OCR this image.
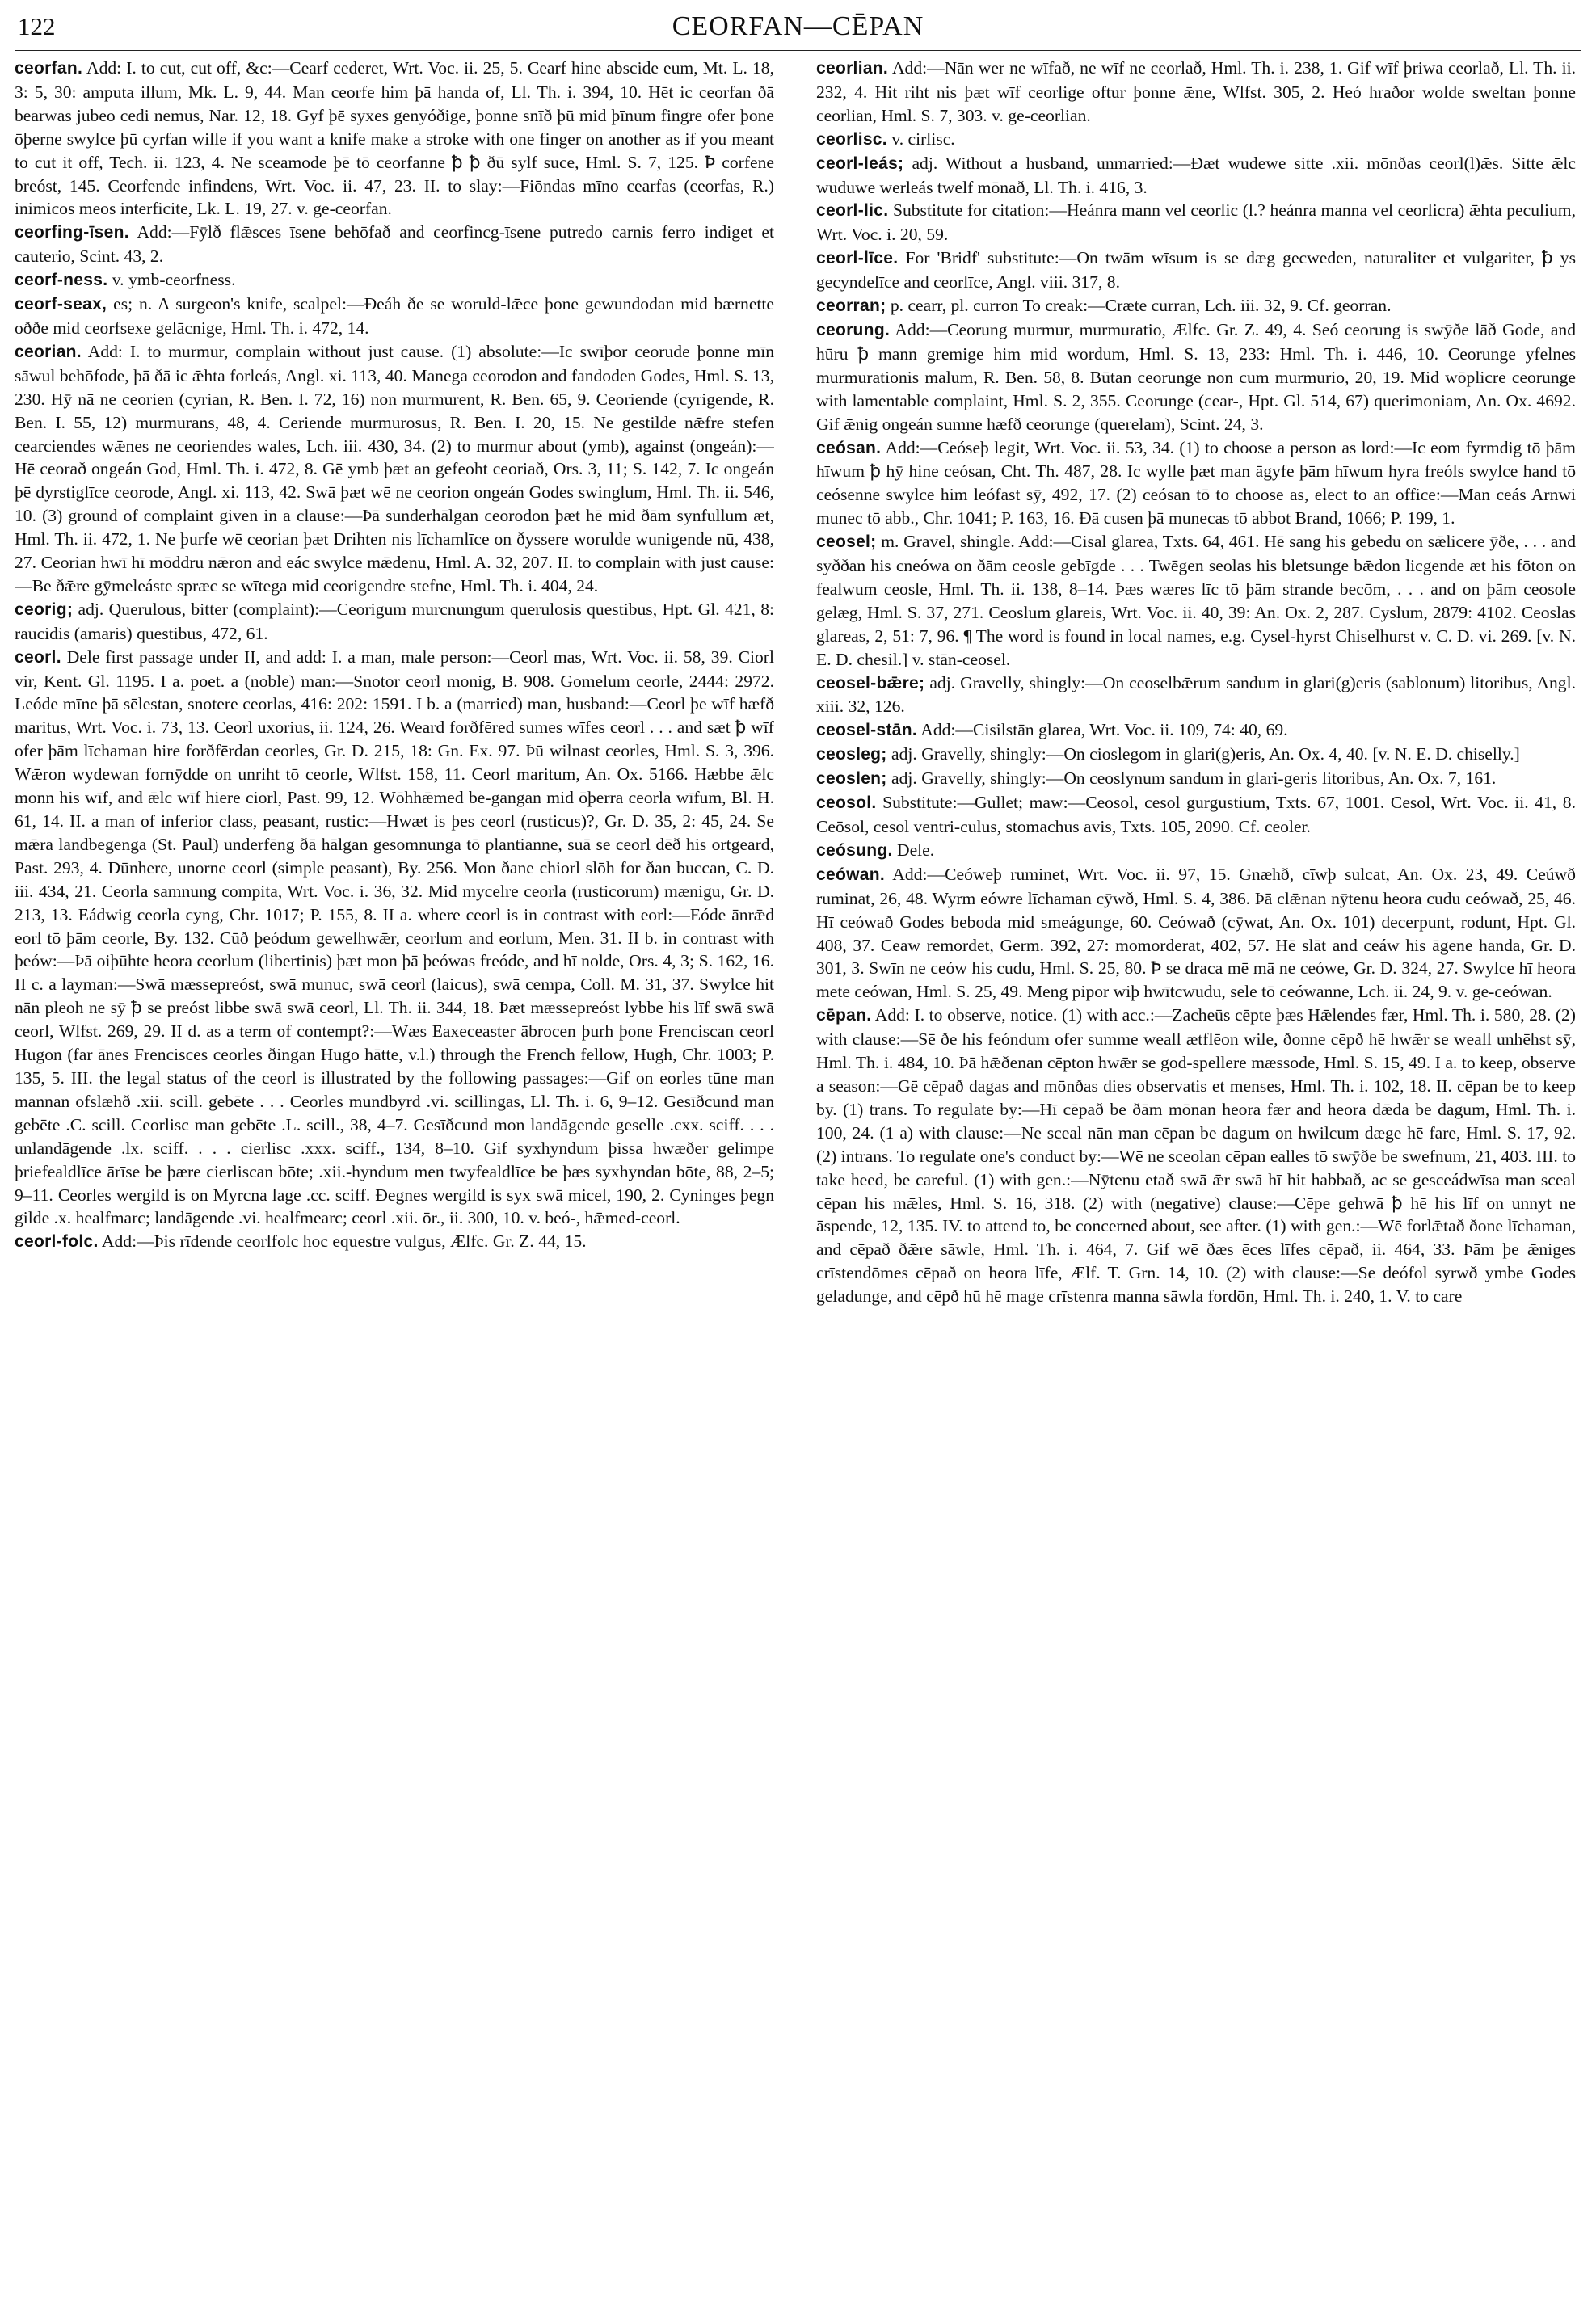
122	CEORFAN—CĒPAN

ceorfan. Add: I. to cut, cut off, &c:—Cearf cederet, Wrt. Voc. ii. 25, 5. Cearf hine abscide eum, Mt. L. 18, 3: 5, 30: amputa illum, Mk. L. 9, 44. Man ceorfe him þā handa of, Ll. Th. i. 394, 10. Hēt ic ceorfan ðā bearwas jubeo cedi nemus, Nar. 12, 18. Gyf þē syxes genyóðige, þonne snīð þū mid þīnum fingre ofer þone ōþerne swylce þū cyrfan wille if you want a knife make a stroke with one finger on another as if you meant to cut it off, Tech. ii. 123, 4. Ne sceamode þē tō ceorfanne ꝥ ꝥ ðū sylf suce, Hml. S. 7, 125. Ꝥ corfene breóst, 145. Ceorfende infindens, Wrt. Voc. ii. 47, 23. II. to slay:—Fiōndas mīno cearfas (ceorfas, R.) inimicos meos interficite, Lk. L. 19, 27. v. ge-ceorfan.

ceorfing-īsen. Add:—Fȳlð flǣsces īsene behōfað and ceorfincg-īsene putredo carnis ferro indiget et cauterio, Scint. 43, 2.

ceorf-ness. v. ymb-ceorfness.

ceorf-seax, es; n. A surgeon's knife, scalpel:—Ðeáh ðe se woruld-lǣce þone gewundodan mid bærnette oððe mid ceorfsexe gelācnige, Hml. Th. i. 472, 14.

ceorian. Add: I. to murmur, complain without just cause. (1) absolute:—Ic swīþor ceorude þonne mīn sāwul behōfode, þā ðā ic ǣhta forleás, Angl. xi. 113, 40. Manega ceorodon and fandoden Godes, Hml. S. 13, 230. Hȳ nā ne ceorien (cyrian, R. Ben. I. 72, 16) non murmurent, R. Ben. 65, 9. Ceoriende (cyrigende, R. Ben. I. 55, 12) murmurans, 48, 4. Ceriende murmurosus, R. Ben. I. 20, 15. Ne gestilde nǣfre stefen cearciendes wǣnes ne ceoriendes wales, Lch. iii. 430, 34. (2) to murmur about (ymb), against (ongeán):—Hē ceorað ongeán God, Hml. Th. i. 472, 8. Gē ymb þæt an gefeoht ceoriað, Ors. 3, 11; S. 142, 7. Ic ongeán þē dyrstiglīce ceorode, Angl. xi. 113, 42. Swā þæt wē ne ceorion ongeán Godes swinglum, Hml. Th. ii. 546, 10. (3) ground of complaint given in a clause:—Þā sunderhālgan ceorodon þæt hē mid ðām synfullum æt, Hml. Th. ii. 472, 1. Ne þurfe wē ceorian þæt Drihten nis līchamlīce on ðyssere worulde wunigende nū, 438, 27. Ceorian hwī hī mōddru nǣron and eác swylce mǣdenu, Hml. A. 32, 207. II. to complain with just cause:—Be ðǣre gȳmeleáste spræc se wītega mid ceorigendre stefne, Hml. Th. i. 404, 24.

ceorig; adj. Querulous, bitter (complaint):—Ceorigum murcnungum querulosis questibus, Hpt. Gl. 421, 8: raucidis (amaris) questibus, 472, 61.

ceorl. Dele first passage under II, and add: I. a man, male person:—Ceorl mas, Wrt. Voc. ii. 58, 39. Ciorl vir, Kent. Gl. 1195. I a. poet. a (noble) man:—Snotor ceorl monig, B. 908. Gomelum ceorle, 2444: 2972. Leóde mīne þā sēlestan, snotere ceorlas, 416: 202: 1591. I b. a (married) man, husband:—Ceorl þe wīf hæfð maritus, Wrt. Voc. i. 73, 13. Ceorl uxorius, ii. 124, 26. Weard forðfēred sumes wīfes ceorl . . . and sæt ꝥ wīf ofer þām līchaman hire forðfērdan ceorles, Gr. D. 215, 18: Gn. Ex. 97. Þū wilnast ceorles, Hml. S. 3, 396. Wǣron wydewan fornȳdde on unriht tō ceorle, Wlfst. 158, 11. Ceorl maritum, An. Ox. 5166. Hæbbe ǣlc monn his wīf, and ǣlc wīf hiere ciorl, Past. 99, 12. Wōhhǣmed be-gangan mid ōþerra ceorla wīfum, Bl. H. 61, 14. II. a man of inferior class, peasant, rustic:—Hwæt is þes ceorl (rusticus)?, Gr. D. 35, 2: 45, 24. Se mǣra landbegenga (St. Paul) underfēng ðā hālgan gesomnunga tō plantianne, suā se ceorl dēð his ortgeard, Past. 293, 4. Dūnhere, unorne ceorl (simple peasant), By. 256. Mon ðane chiorl slōh for ðan buccan, C. D. iii. 434, 21. Ceorla samnung compita, Wrt. Voc. i. 36, 32. Mid mycelre ceorla (rusticorum) mænigu, Gr. D. 213, 13. Eádwig ceorla cyng, Chr. 1017; P. 155, 8. II a. where ceorl is in contrast with eorl:—Eóde ānrǣd eorl tō þām ceorle, By. 132. Cūð þeódum gewelhwǣr, ceorlum and eorlum, Men. 31. II b. in contrast with þeów:—Þā oiþūhte heora ceorlum (libertinis) þæt mon þā þeówas freóde, and hī nolde, Ors. 4, 3; S. 162, 16. II c. a layman:—Swā mæssepreóst, swā munuc, swā ceorl (laicus), swā cempa, Coll. M. 31, 37. Swylce hit nān pleoh ne sȳ ꝥ se preóst libbe swā swā ceorl, Ll. Th. ii. 344, 18. Þæt mæssepreóst lybbe his līf swā swā ceorl, Wlfst. 269, 29. II d. as a term of contempt?:—Wæs Eaxeceaster ābrocen þurh þone Frenciscan ceorl Hugon (far ānes Frencisces ceorles ðingan Hugo hātte, v.l.) through the French fellow, Hugh, Chr. 1003; P. 135, 5. III. the legal status of the ceorl is illustrated by the following passages:—Gif on eorles tūne man mannan ofslæhð .xii. scill. gebēte . . . Ceorles mundbyrd .vi. scillingas, Ll. Th. i. 6, 9–12. Gesīðcund man gebēte .C. scill. Ceorlisc man gebēte .L. scill., 38, 4–7. Gesīðcund mon landāgende geselle .cxx. sciff. . . . unlandāgende .lx. sciff. . . . cierlisc .xxx. sciff., 134, 8–10. Gif syxhyndum þissa hwæðer gelimpe þriefealdlīce ārīse be þære cierliscan bōte; .xii.-hyndum men twyfealdlīce be þæs syxhyndan bōte, 88, 2–5; 9–11. Ceorles wergild is on Myrcna lage .cc. sciff. Ðegnes wergild is syx swā micel, 190, 2. Cyninges þegn gilde .x. healfmarc; landāgende .vi. healfmearc; ceorl .xii. ōr., ii. 300, 10. v. beó-, hǣmed-ceorl.

ceorl-folc. Add:—Þis rīdende ceorlfolc hoc equestre vulgus, Ælfc. Gr. Z. 44, 15.

ceorlian. Add:—Nān wer ne wīfað, ne wīf ne ceorlað, Hml. Th. i. 238, 1. Gif wīf þriwa ceorlað, Ll. Th. ii. 232, 4. Hit riht nis þæt wīf ceorlige oftur þonne ǣne, Wlfst. 305, 2. Heó hraðor wolde sweltan þonne ceorlian, Hml. S. 7, 303. v. ge-ceorlian.

ceorlisc. v. cirlisc.

ceorl-leás; adj. Without a husband, unmarried:—Ðæt wudewe sitte .xii. mōnðas ceorl(l)ǣs. Sitte ǣlc wuduwe werleás twelf mōnað, Ll. Th. i. 416, 3.

ceorl-lic. Substitute for citation:—Heánra mann vel ceorlic (l.? heánra manna vel ceorlicra) ǣhta peculium, Wrt. Voc. i. 20, 59.

ceorl-līce. For 'Bridf' substitute:—On twām wīsum is se dæg gecweden, naturaliter et vulgariter, ꝥ ys gecyndelīce and ceorlīce, Angl. viii. 317, 8.

ceorran; p. cearr, pl. curron To creak:—Cræte curran, Lch. iii. 32, 9. Cf. georran.

ceorung. Add:—Ceorung murmur, murmuratio, Ælfc. Gr. Z. 49, 4. Seó ceorung is swȳðe lāð Gode, and hūru ꝥ mann gremige him mid wordum, Hml. S. 13, 233: Hml. Th. i. 446, 10. Ceorunge yfelnes murmurationis malum, R. Ben. 58, 8. Būtan ceorunge non cum murmurio, 20, 19. Mid wōplicre ceorunge with lamentable complaint, Hml. S. 2, 355. Ceorunge (cear-, Hpt. Gl. 514, 67) querimoniam, An. Ox. 4692. Gif ǣnig ongeán sumne hæfð ceorunge (querelam), Scint. 24, 3.

ceósan. Add:—Ceóseþ legit, Wrt. Voc. ii. 53, 34. (1) to choose a person as lord:—Ic eom fyrmdig tō þām hīwum ꝥ hȳ hine ceósan, Cht. Th. 487, 28. Ic wylle þæt man āgyfe þām hīwum hyra freóls swylce hand tō ceósenne swylce him leófast sȳ, 492, 17. (2) ceósan tō to choose as, elect to an office:—Man ceás Arnwi munec tō abb., Chr. 1041; P. 163, 16. Ðā cusen þā munecas tō abbot Brand, 1066; P. 199, 1.

ceosel; m. Gravel, shingle. Add:—Cisal glarea, Txts. 64, 461. Hē sang his gebedu on sǣlicere ȳðe, . . . and syððan his cneówa on ðām ceosle gebīgde . . . Twēgen seolas his bletsunge bǣdon licgende æt his fōton on fealwum ceosle, Hml. Th. ii. 138, 8–14. Þæs wæres līc tō þām strande becōm, . . . and on þām ceosole gelæg, Hml. S. 37, 271. Ceoslum glareis, Wrt. Voc. ii. 40, 39: An. Ox. 2, 287. Cyslum, 2879: 4102. Ceoslas glareas, 2, 51: 7, 96. ¶ The word is found in local names, e.g. Cysel-hyrst Chiselhurst v. C. D. vi. 269. [v. N. E. D. chesil.] v. stān-ceosel.

ceosel-bǣre; adj. Gravelly, shingly:—On ceoselbǣrum sandum in glari(g)eris (sablonum) litoribus, Angl. xiii. 32, 126.

ceosel-stān. Add:—Cisilstān glarea, Wrt. Voc. ii. 109, 74: 40, 69.

ceosleg; adj. Gravelly, shingly:—On cioslegom in glari(g)eris, An. Ox. 4, 40. [v. N. E. D. chiselly.]

ceoslen; adj. Gravelly, shingly:—On ceoslynum sandum in glari-geris litoribus, An. Ox. 7, 161.

ceosol. Substitute:—Gullet; maw:—Ceosol, cesol gurgustium, Txts. 67, 1001. Cesol, Wrt. Voc. ii. 41, 8. Ceōsol, cesol ventri-culus, stomachus avis, Txts. 105, 2090. Cf. ceoler.

ceósung. Dele.

ceówan. Add:—Ceóweþ ruminet, Wrt. Voc. ii. 97, 15. Gnæhð, cīwþ sulcat, An. Ox. 23, 49. Ceúwð ruminat, 26, 48. Wyrm eówre līchaman cȳwð, Hml. S. 4, 386. Þā clǣnan nȳtenu heora cudu ceówað, 25, 46. Hī ceówað Godes beboda mid smeágunge, 60. Ceówað (cȳwat, An. Ox. 101) decerpunt, rodunt, Hpt. Gl. 408, 37. Ceaw remordet, Germ. 392, 27: momorderat, 402, 57. Hē slāt and ceáw his āgene handa, Gr. D. 301, 3. Swīn ne ceów his cudu, Hml. S. 25, 80. Ꝥ se draca mē mā ne ceówe, Gr. D. 324, 27. Swylce hī heora mete ceówan, Hml. S. 25, 49. Meng pipor wiþ hwītcwudu, sele tō ceówanne, Lch. ii. 24, 9. v. ge-ceówan.

cēpan. Add: I. to observe, notice. (1) with acc.:—Zacheūs cēpte þæs Hǣlendes fær, Hml. Th. i. 580, 28. (2) with clause:—Sē ðe his feóndum ofer summe weall ætflēon wile, ðonne cēpð hē hwǣr se weall unhēhst sȳ, Hml. Th. i. 484, 10. Þā hǣðenan cēpton hwǣr se god-spellere mæssode, Hml. S. 15, 49. I a. to keep, observe a season:—Gē cēpað dagas and mōnðas dies observatis et menses, Hml. Th. i. 102, 18. II. cēpan be to keep by. (1) trans. To regulate by:—Hī cēpað be ðām mōnan heora fær and heora dǣda be dagum, Hml. Th. i. 100, 24. (1 a) with clause:—Ne sceal nān man cēpan be dagum on hwilcum dæge hē fare, Hml. S. 17, 92. (2) intrans. To regulate one's conduct by:—Wē ne sceolan cēpan ealles tō swȳðe be swefnum, 21, 403. III. to take heed, be careful. (1) with gen.:—Nȳtenu etað swā ǣr swā hī hit habbað, ac se gesceádwīsa man sceal cēpan his mǣles, Hml. S. 16, 318. (2) with (negative) clause:—Cēpe gehwā ꝥ hē his līf on unnyt ne āspende, 12, 135. IV. to attend to, be concerned about, see after. (1) with gen.:—Wē forlǣtað ðone līchaman, and cēpað ðǣre sāwle, Hml. Th. i. 464, 7. Gif wē ðæs ēces līfes cēpað, ii. 464, 33. Þām þe ǣniges crīstendōmes cēpað on heora līfe, Ælf. T. Grn. 14, 10. (2) with clause:—Se deófol syrwð ymbe Godes geladunge, and cēpð hū hē mage crīstenra manna sāwla fordōn, Hml. Th. i. 240, 1. V. to care
